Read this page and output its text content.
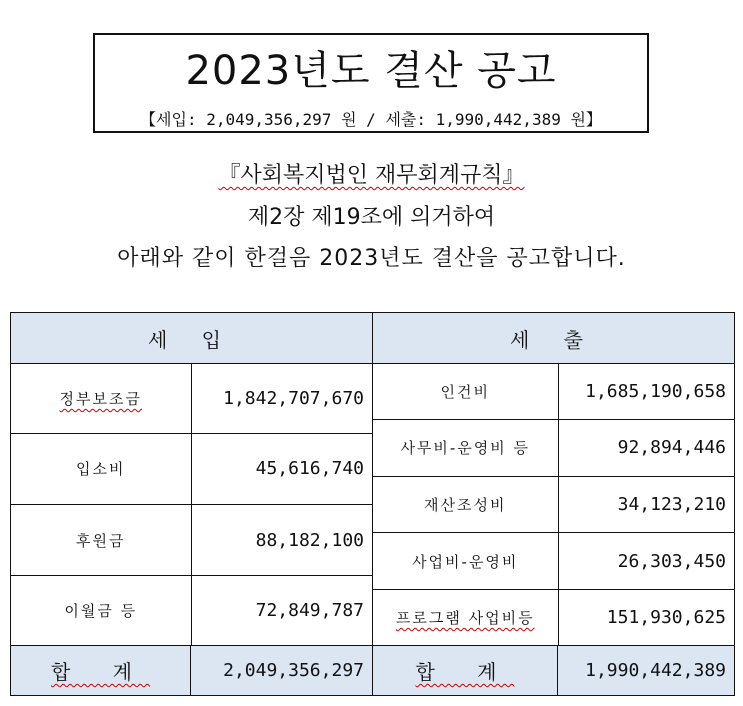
2023년도 결산 공고
【세입: 2,049,356,297 원 / 세출: 1,990,442,389 원】
『사회복지법인 재무회계규칙』
제2장 제19조에 의거하여
아래와 같이 한걸음 2023년도 결산을 공고합니다.
세 입	세 출

정부보조금	1,842,707,670
입소비	45,616,740
후원금	88,182,100
이월금 등	72,849,787

인건비	1,685,190,658
사무비-운영비 등	92,894,446
재산조성비	34,123,210
사업비-운영비	26,303,450
프로그램 사업비등	151,930,625

합 계	2,049,356,297	합 계	1,990,442,389
